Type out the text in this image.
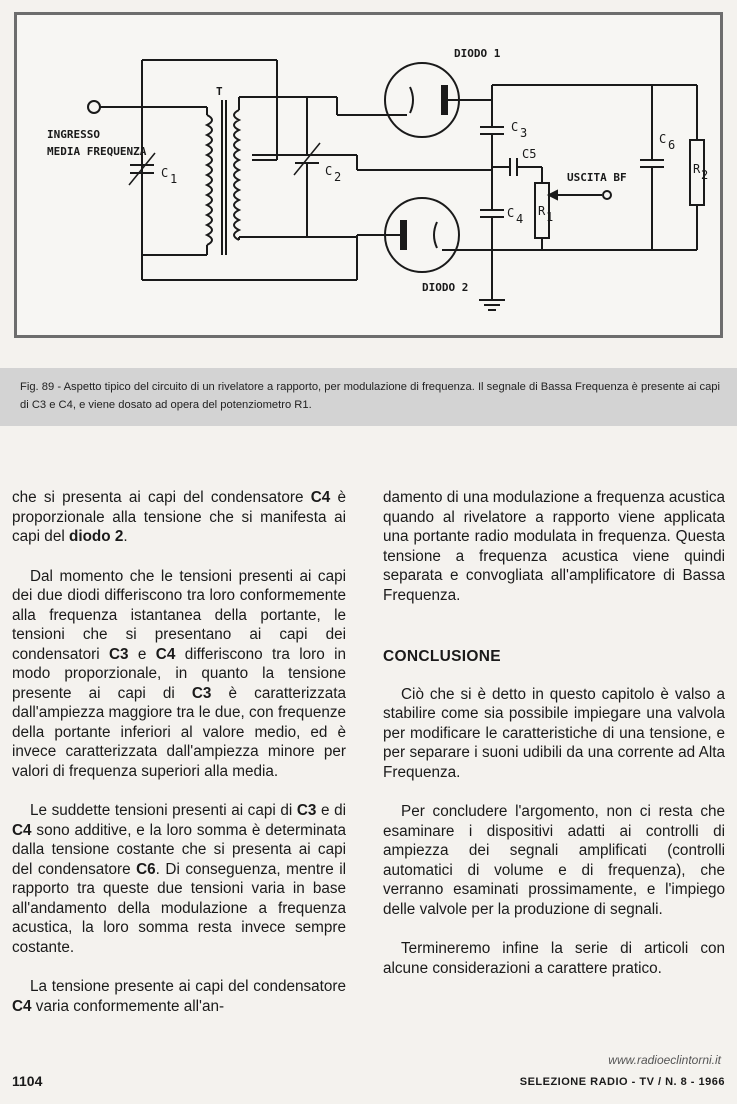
DIODO 1
DIODO 2
INGRESSO
MEDIA FREQUENZA
T
C 1
C 2
C 3
C 4
C5
C 6
R 1
R 2
USCITA BF

Fig. 89 - Aspetto tipico del circuito di un rivelatore a rapporto, per modulazione di frequenza. Il segnale di Bassa Frequenza è presente ai capi di C3 e C4, e viene dosato ad opera del potenziometro R1.

che si presenta ai capi del condensatore C4 è proporzionale alla tensione che si manifesta ai capi del diodo 2.

Dal momento che le tensioni presenti ai capi dei due diodi differiscono tra loro conformemente alla frequenza istantanea della portante, le tensioni che si presentano ai capi dei condensatori C3 e C4 differiscono tra loro in modo proporzionale, in quanto la tensione presente ai capi di C3 è caratterizzata dall'ampiezza maggiore tra le due, con frequenze della portante inferiori al valore medio, ed è invece caratterizzata dall'ampiezza minore per valori di frequenza superiori alla media.

Le suddette tensioni presenti ai capi di C3 e di C4 sono additive, e la loro somma è determinata dalla tensione costante che si presenta ai capi del condensatore C6. Di conseguenza, mentre il rapporto tra queste due tensioni varia in base all'andamento della modulazione a frequenza acustica, la loro somma resta invece sempre costante.

La tensione presente ai capi del condensatore C4 varia conformemente all'an-

damento di una modulazione a frequenza acustica quando al rivelatore a rapporto viene applicata una portante radio modulata in frequenza. Questa tensione a frequenza acustica viene quindi separata e convogliata all'amplificatore di Bassa Frequenza.

CONCLUSIONE

Ciò che si è detto in questo capitolo è valso a stabilire come sia possibile impiegare una valvola per modificare le caratteristiche di una tensione, e per separare i suoni udibili da una corrente ad Alta Frequenza.

Per concludere l'argomento, non ci resta che esaminare i dispositivi adatti ai controlli di ampiezza dei segnali amplificati (controlli automatici di volume e di frequenza), che verranno esaminati prossimamente, e l'impiego delle valvole per la produzione di segnali.

Termineremo infine la serie di articoli con alcune considerazioni a carattere pratico.

1104
www.radioeclintorni.it
SELEZIONE RADIO - TV / N. 8 - 1966
